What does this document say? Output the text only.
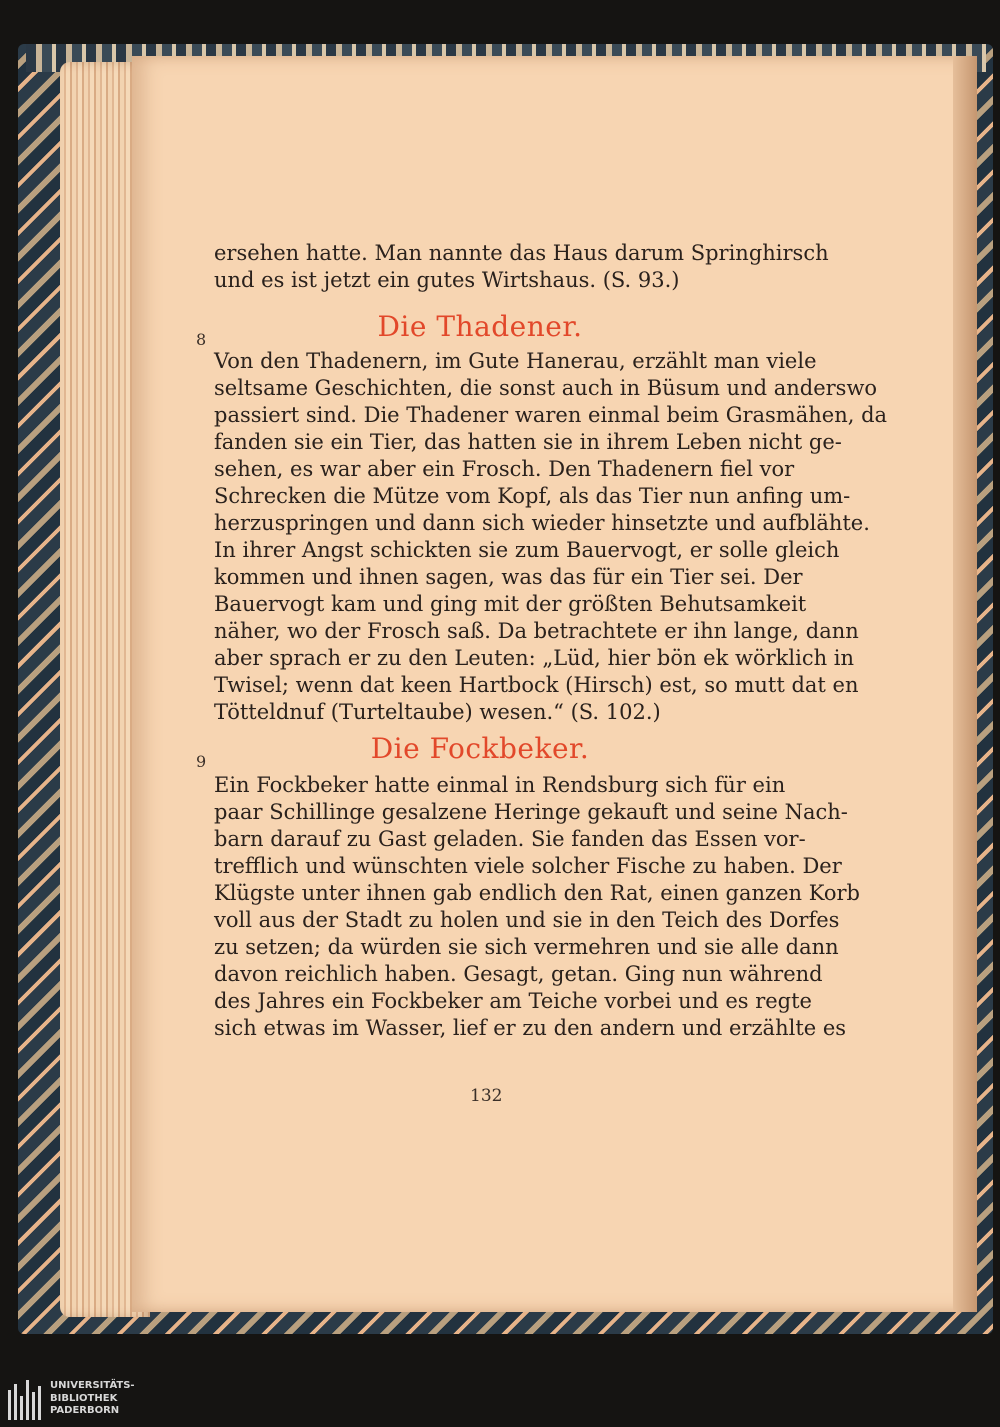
ersehen hatte. Man nannte das Haus darum Springhirsch
und es ist jetzt ein gutes Wirtshaus. (S. 93.)
8	Die Thadener.
Von den Thadenern, im Gute Hanerau, erzählt man viele
seltsame Geschichten, die sonst auch in Büsum und anderswo
passiert sind. Die Thadener waren einmal beim Grasmähen, da
fanden sie ein Tier, das hatten sie in ihrem Leben nicht ge-
sehen, es war aber ein Frosch. Den Thadenern fiel vor
Schrecken die Mütze vom Kopf, als das Tier nun anfing um-
herzuspringen und dann sich wieder hinsetzte und aufblähte.
In ihrer Angst schickten sie zum Bauervogt, er solle gleich
kommen und ihnen sagen, was das für ein Tier sei. Der
Bauervogt kam und ging mit der größten Behutsamkeit
näher, wo der Frosch saß. Da betrachtete er ihn lange, dann
aber sprach er zu den Leuten: „Lüd, hier bön ek wörklich in
Twisel; wenn dat keen Hartbock (Hirsch) est, so mutt dat en
Tötteldnuf (Turteltaube) wesen.“ (S. 102.)
9	Die Fockbeker.
Ein Fockbeker hatte einmal in Rendsburg sich für ein
paar Schillinge gesalzene Heringe gekauft und seine Nach-
barn darauf zu Gast geladen. Sie fanden das Essen vor-
trefflich und wünschten viele solcher Fische zu haben. Der
Klügste unter ihnen gab endlich den Rat, einen ganzen Korb
voll aus der Stadt zu holen und sie in den Teich des Dorfes
zu setzen; da würden sie sich vermehren und sie alle dann
davon reichlich haben. Gesagt, getan. Ging nun während
des Jahres ein Fockbeker am Teiche vorbei und es regte
sich etwas im Wasser, lief er zu den andern und erzählte es
132
UNIVERSITÄTS-
BIBLIOTHEK
PADERBORN
